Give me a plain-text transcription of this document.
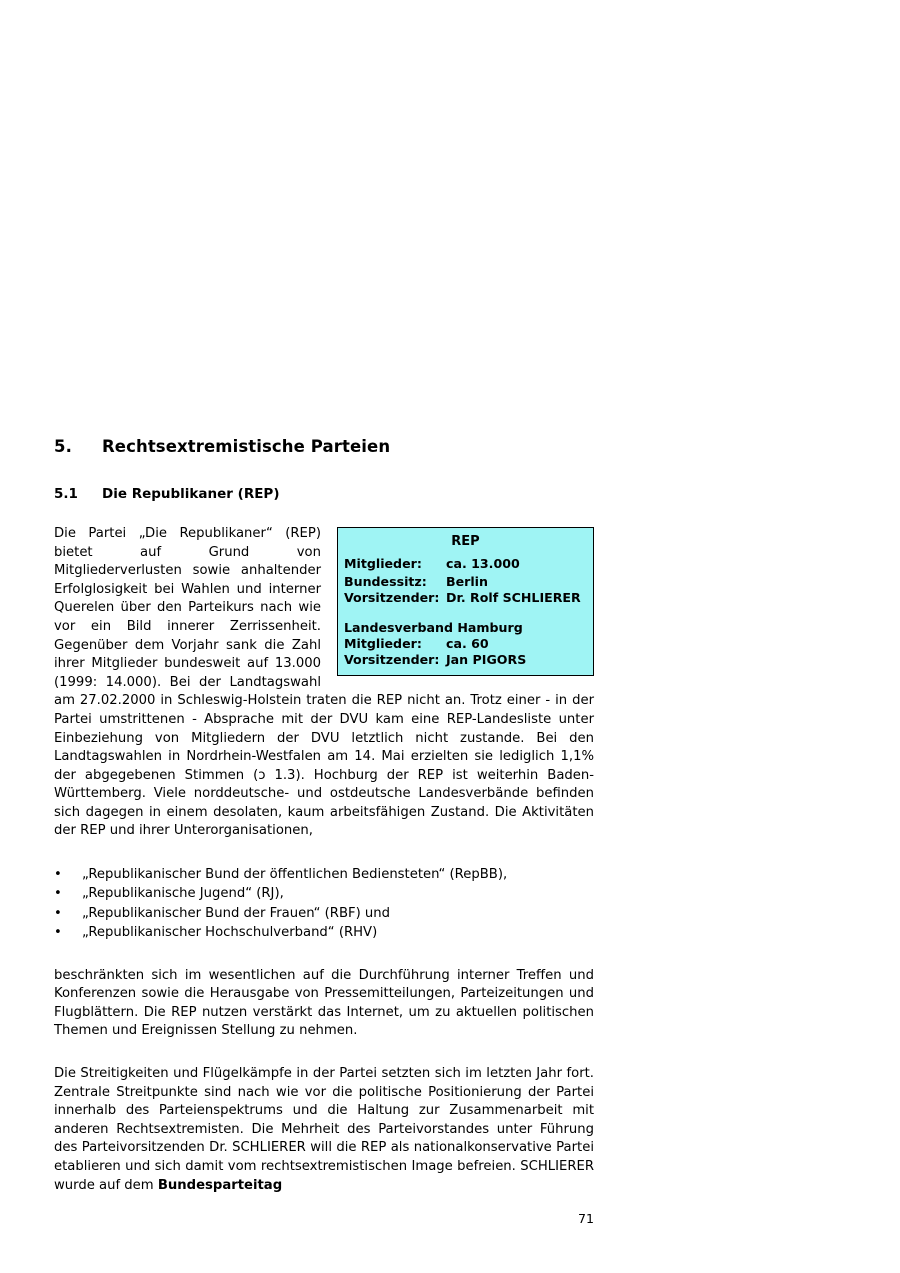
5. Rechtsextremistische Parteien
5.1 Die Republikaner (REP)
REP
Mitglieder:	ca. 13.000
Bundessitz:	Berlin
Vorsitzender: Dr. Rolf SCHLIERER
Landesverband Hamburg
Mitglieder:	ca. 60
Vorsitzender: Jan PIGORS

Die Partei „Die Republikaner“ (REP) bietet auf Grund von Mitgliederverlusten sowie anhaltender Erfolglosigkeit bei Wahlen und interner Querelen über den Parteikurs nach wie vor ein Bild innerer Zerrissenheit. Gegenüber dem Vorjahr sank die Zahl ihrer Mitglieder bundesweit auf 13.000 (1999: 14.000). Bei der Landtagswahl am 27.02.2000 in Schleswig-Holstein traten die REP nicht an. Trotz einer - in der Partei umstrittenen - Absprache mit der DVU kam eine REP-Landesliste unter Einbeziehung von Mitgliedern der DVU letztlich nicht zustande. Bei den Landtagswahlen in Nordrhein-Westfalen am 14. Mai erzielten sie lediglich 1,1% der abgegebenen Stimmen (ↄ 1.3). Hochburg der REP ist weiterhin Baden-Württemberg. Viele norddeutsche- und ostdeutsche Landesverbände befinden sich dagegen in einem desolaten, kaum arbeitsfähigen Zustand. Die Aktivitäten der REP und ihrer Unterorganisationen,

• „Republikanischer Bund der öffentlichen Bediensteten“ (RepBB),
• „Republikanische Jugend“ (RJ),
• „Republikanischer Bund der Frauen“ (RBF) und
• „Republikanischer Hochschulverband“ (RHV)

beschränkten sich im wesentlichen auf die Durchführung interner Treffen und Konferenzen sowie die Herausgabe von Pressemitteilungen, Parteizeitungen und Flugblättern. Die REP nutzen verstärkt das Internet, um zu aktuellen politischen Themen und Ereignissen Stellung zu nehmen.

Die Streitigkeiten und Flügelkämpfe in der Partei setzten sich im letzten Jahr fort. Zentrale Streitpunkte sind nach wie vor die politische Positionierung der Partei innerhalb des Parteienspektrums und die Haltung zur Zusammenarbeit mit anderen Rechtsextremisten. Die Mehrheit des Parteivorstandes unter Führung des Parteivorsitzenden Dr. SCHLIERER will die REP als nationalkonservative Partei etablieren und sich damit vom rechtsextremistischen Image befreien. SCHLIERER wurde auf dem Bundesparteitag

71
